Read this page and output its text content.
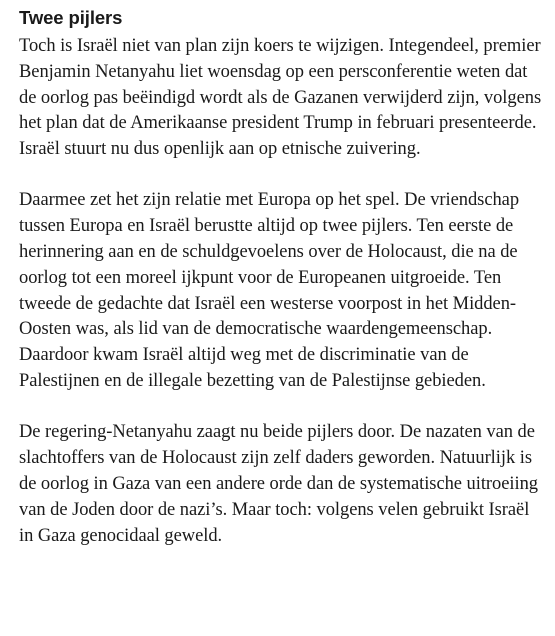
Twee pijlers

Toch is Israël niet van plan zijn koers te wijzigen. Integendeel, premier Benjamin Netanyahu liet woensdag op een persconferentie weten dat de oorlog pas beëindigd wordt als de Gazanen verwijderd zijn, volgens het plan dat de Amerikaanse president Trump in februari presenteerde. Israël stuurt nu dus openlijk aan op etnische zuivering.

Daarmee zet het zijn relatie met Europa op het spel. De vriendschap tussen Europa en Israël berustte altijd op twee pijlers. Ten eerste de herinnering aan en de schuldgevoelens over de Holocaust, die na de oorlog tot een moreel ijkpunt voor de Europeanen uitgroeide. Ten tweede de gedachte dat Israël een westerse voorpost in het Midden-Oosten was, als lid van de democratische waardengemeenschap. Daardoor kwam Israël altijd weg met de discriminatie van de Palestijnen en de illegale bezetting van de Palestijnse gebieden.

De regering-Netanyahu zaagt nu beide pijlers door. De nazaten van de slachtoffers van de Holocaust zijn zelf daders geworden. Natuurlijk is de oorlog in Gaza van een andere orde dan de systematische uitroeiing van de Joden door de nazi’s. Maar toch: volgens velen gebruikt Israël in Gaza genocidaal geweld.
